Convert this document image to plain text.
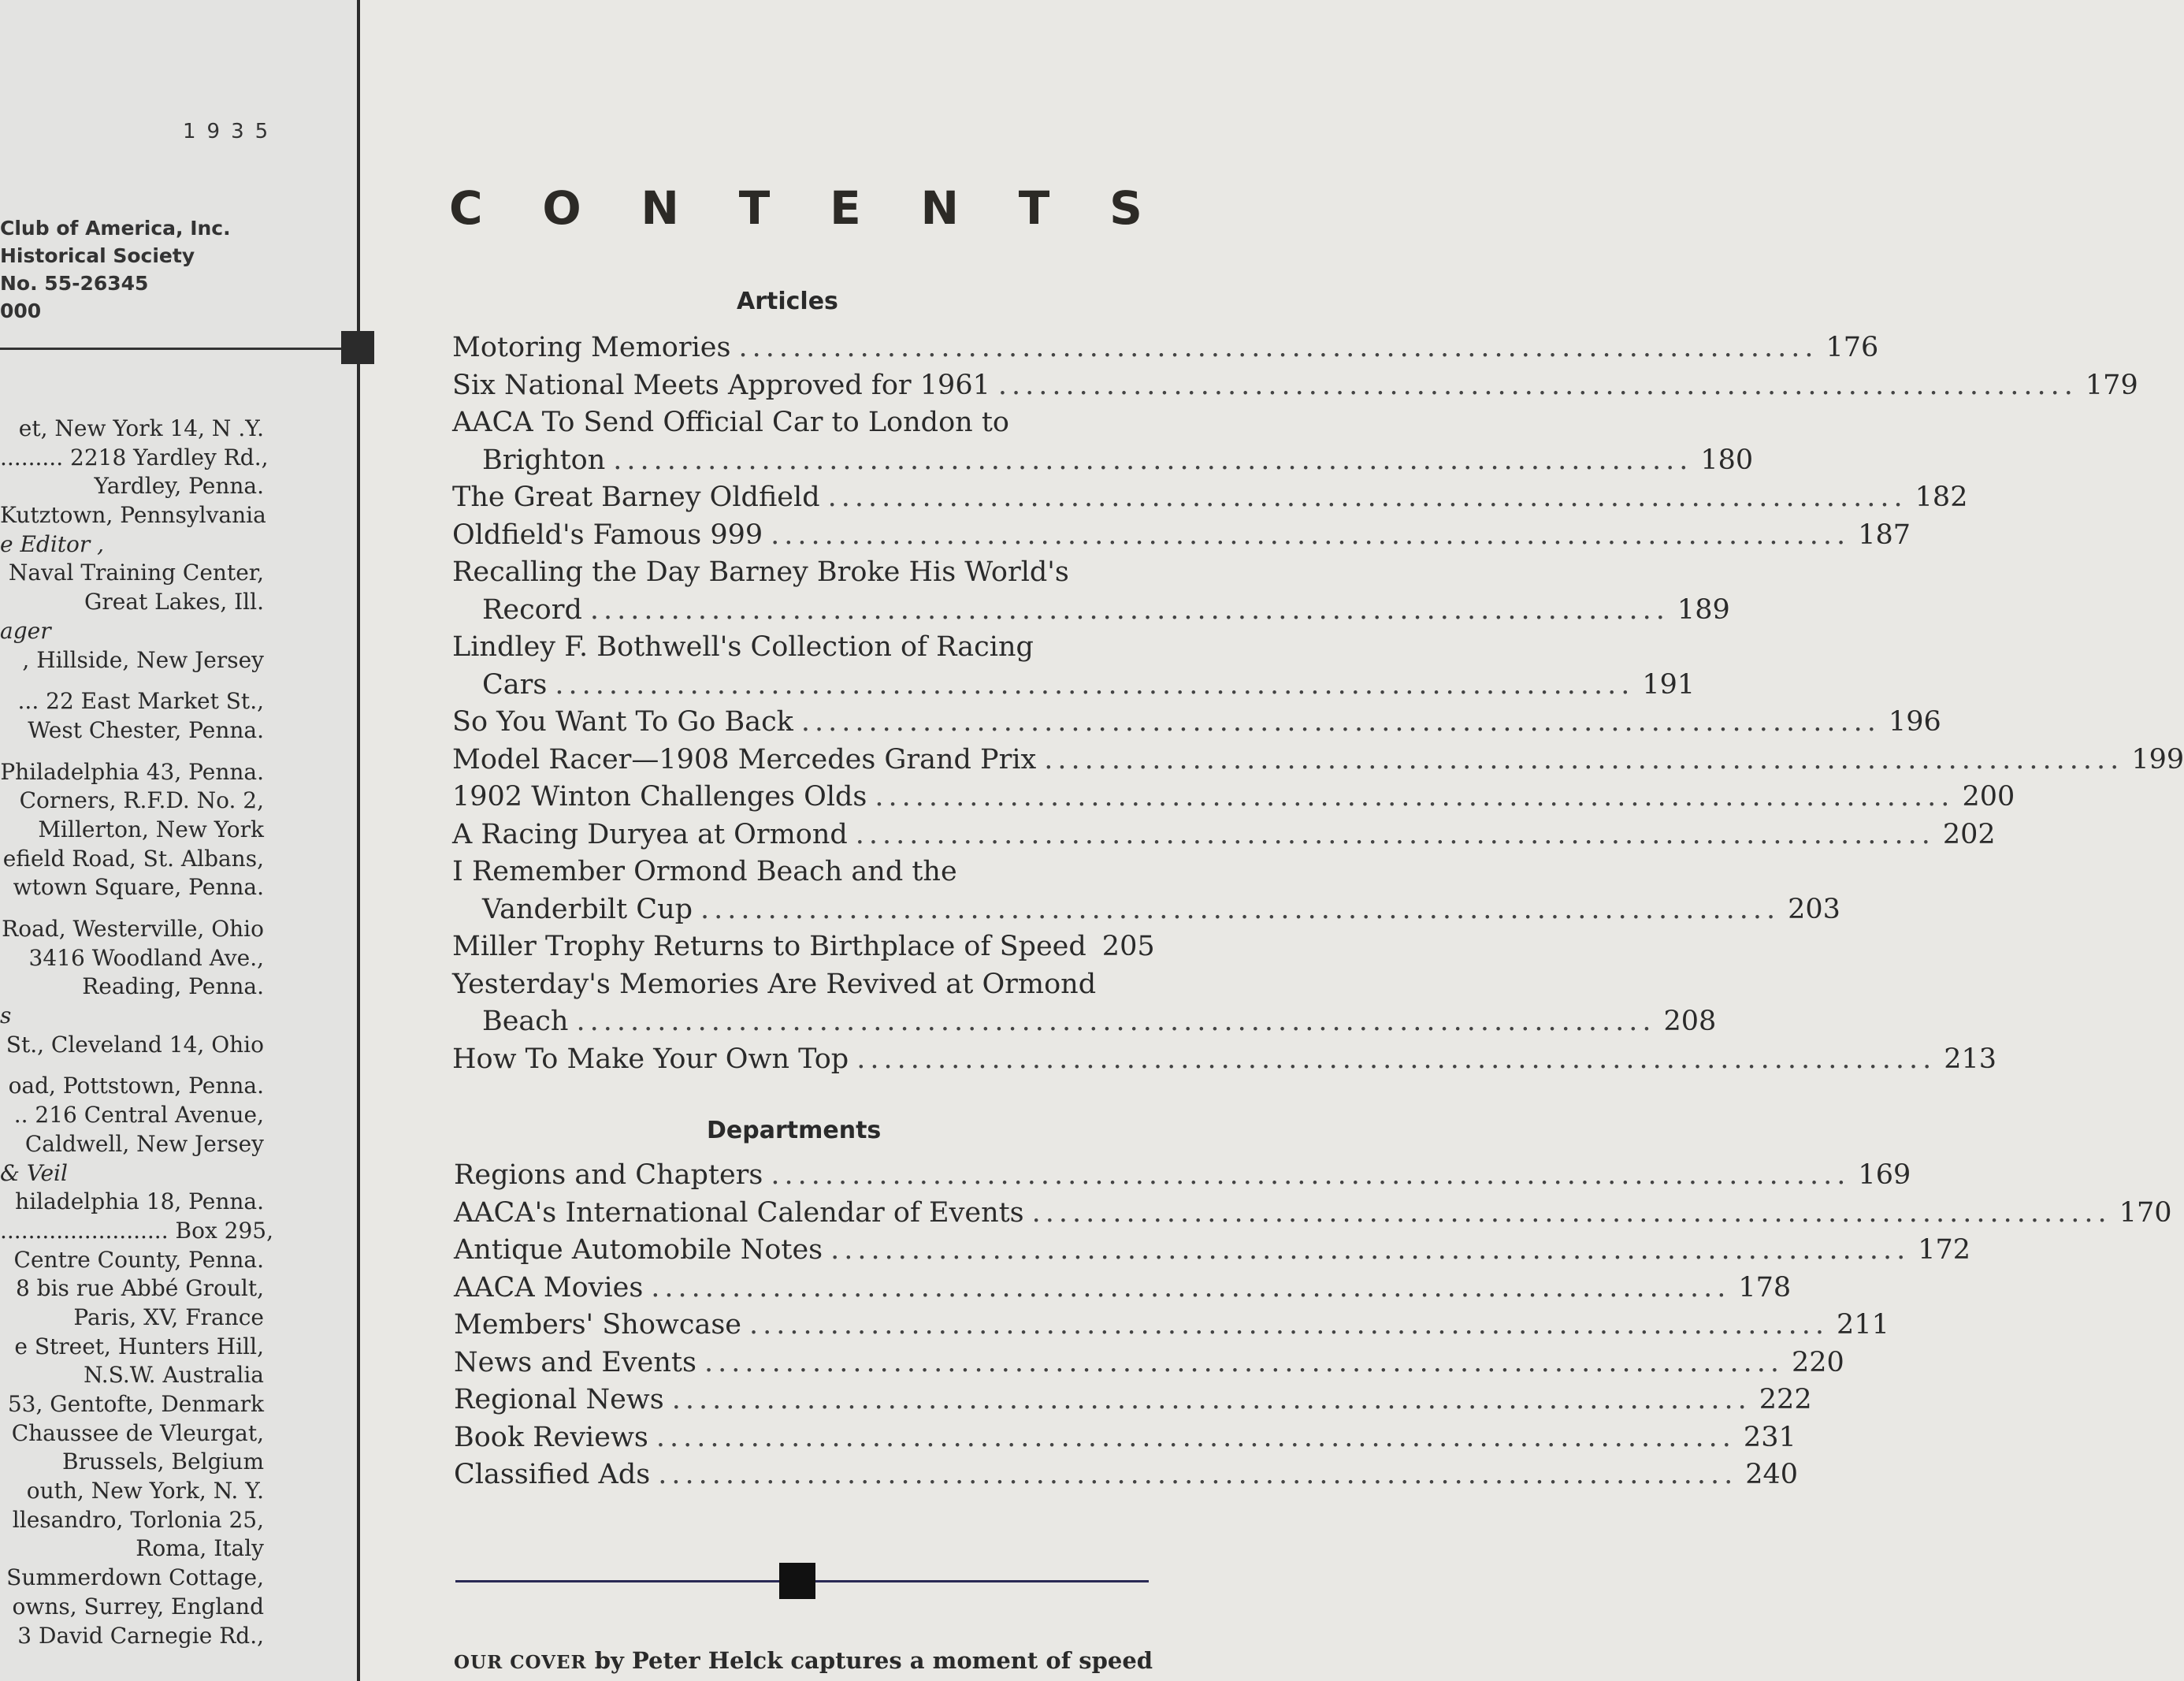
1935
Club of America, Inc.
Historical Society
No. 55-26345
000
et, New York 14, N .Y.
......... 2218 Yardley Rd.,
Yardley, Penna.
Kutztown, Pennsylvania
e Editor ,
Naval Training Center,
Great Lakes, Ill.
ager
, Hillside, New Jersey
... 22 East Market St.,
West Chester, Penna.
Philadelphia 43, Penna.
Corners, R.F.D. No. 2,
Millerton, New York
efield Road, St. Albans,
wtown Square, Penna.
Road, Westerville, Ohio
3416 Woodland Ave.,
Reading, Penna.
s
St., Cleveland 14, Ohio
oad, Pottstown, Penna.
.. 216 Central Avenue,
Caldwell, New Jersey
& Veil
hiladelphia 18, Penna.
........................ Box 295,
Centre County, Penna.
8 bis rue Abbé Groult,
Paris, XV, France
e Street, Hunters Hill,
N.S.W. Australia
53, Gentofte, Denmark
Chaussee de Vleurgat,
Brussels, Belgium
outh, New York, N. Y.
llesandro, Torlonia 25,
Roma, Italy
Summerdown Cottage,
owns, Surrey, England
3 David Carnegie Rd.,
C O N T E N T S
Articles
Motoring Memories ................................................................................ 176
Six National Meets Approved for 1961 ................................................................................ 179
AACA To Send Official Car to London to
Brighton ................................................................................ 180
The Great Barney Oldfield ................................................................................ 182
Oldfield's Famous 999 ................................................................................ 187
Recalling the Day Barney Broke His World's
Record ................................................................................ 189
Lindley F. Bothwell's Collection of Racing
Cars ................................................................................ 191
So You Want To Go Back ................................................................................ 196
Model Racer—1908 Mercedes Grand Prix ................................................................................ 199
1902 Winton Challenges Olds ................................................................................ 200
A Racing Duryea at Ormond ................................................................................ 202
I Remember Ormond Beach and the
Vanderbilt Cup ................................................................................ 203
Miller Trophy Returns to Birthplace of Speed 205
Yesterday's Memories Are Revived at Ormond
Beach ................................................................................ 208
How To Make Your Own Top ................................................................................ 213
Departments
Regions and Chapters ................................................................................ 169
AACA's International Calendar of Events ................................................................................ 170
Antique Automobile Notes ................................................................................ 172
AACA Movies ................................................................................ 178
Members' Showcase ................................................................................ 211
News and Events ................................................................................ 220
Regional News ................................................................................ 222
Book Reviews ................................................................................ 231
Classified Ads ................................................................................ 240
OUR COVER by Peter Helck captures a moment of speed
